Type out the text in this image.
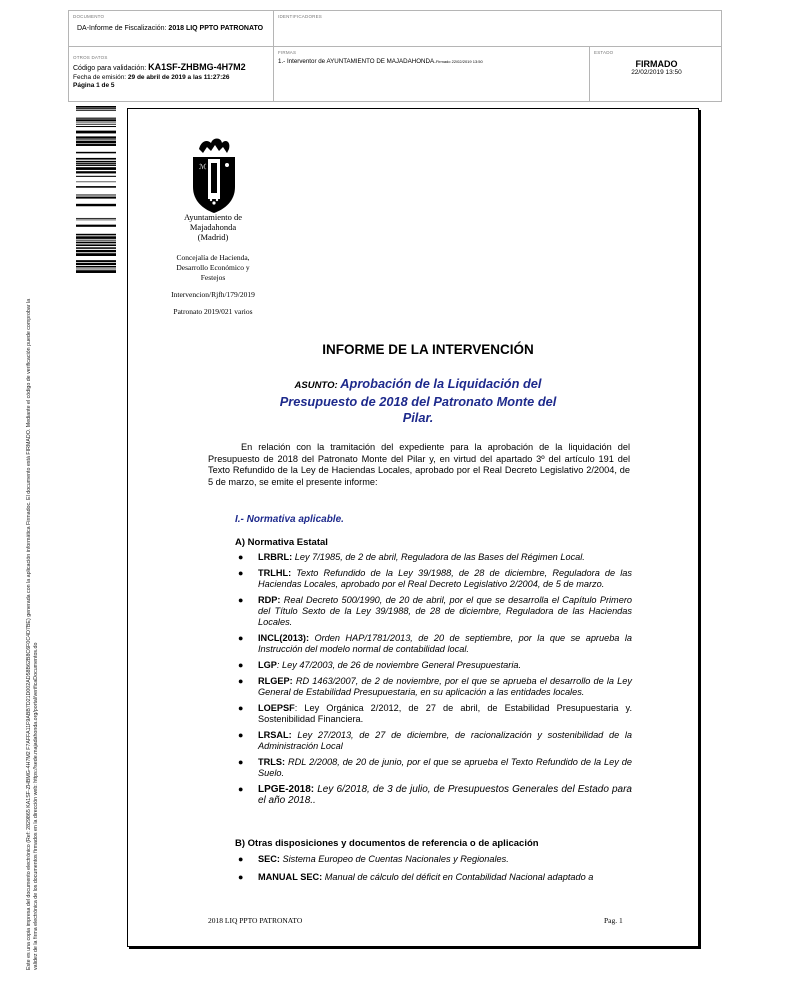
DOCUMENTO
DA-Informe de Fiscalización: 2018 LIQ PPTO PATRONATO
IDENTIFICADORES
OTROS DATOS
Código para validación: KA1SF-ZHBMG-4H7M2
Fecha de emisión: 29 de abril de 2019 a las 11:27:26
Página 1 de 5
FIRMAS
1.- Interventor de AYUNTAMIENTO DE MAJADAHONDA.Firmado 22/02/2019 13:50
ESTADO
FIRMADO
22/02/2019 13:50
Este es una copia impresa del documento electrónico (Ref: 2829865 KA1SF-ZHBMG-4H7M2 F7AFFA11F9ABB7D21D002AD58B62B8C6F0C4D7BE) generada con la aplicación informática Firmadoc. El documento está FIRMADO. Mediante el código de verificación puede comprobar la validez de la firma electrónica de los documentos firmados en la dirección web: https://sede.majadahonda.org/portal/verificaDocumentos.do
ℳ
Ayuntamiento de
Majadahonda
(Madrid)
Concejalía de Hacienda,
Desarrollo Económico y
Festejos
Intervencion/Rjfh/179/2019
Patronato 2019/021 varios
INFORME DE LA INTERVENCIÓN
ASUNTO: Aprobación de la Liquidación del
Presupuesto de 2018 del Patronato Monte del
Pilar.
En relación con la tramitación del expediente para la aprobación de la liquidación del Presupuesto de 2018 del Patronato Monte del Pilar y, en virtud del apartado 3º del artículo 191 del Texto Refundido de la Ley de Haciendas Locales, aprobado por el Real Decreto Legislativo 2/2004, de 5 de marzo, se emite el presente informe:
I.- Normativa aplicable.
A) Normativa Estatal
● LRBRL: Ley 7/1985, de 2 de abril, Reguladora de las Bases del Régimen Local.
● TRLHL: Texto Refundido de la Ley 39/1988, de 28 de diciembre, Reguladora de las Haciendas Locales, aprobado por el Real Decreto Legislativo 2/2004, de 5 de marzo.
● RDP: Real Decreto 500/1990, de 20 de abril, por el que se desarrolla el Capítulo Primero del Título Sexto de la Ley 39/1988, de 28 de diciembre, Reguladora de las Haciendas Locales.
● INCL(2013): Orden HAP/1781/2013, de 20 de septiembre, por la que se aprueba la Instrucción del modelo normal de contabilidad local.
● LGP: Ley 47/2003, de 26 de noviembre General Presupuestaria.
● RLGEP: RD 1463/2007, de 2 de noviembre, por el que se aprueba el desarrollo de la Ley General de Estabilidad Presupuestaria, en su aplicación a las entidades locales.
● LOEPSF: Ley Orgánica 2/2012, de 27 de abril, de Estabilidad Presupuestaria y. Sostenibilidad Financiera.
● LRSAL: Ley 27/2013, de 27 de diciembre, de racionalización y sostenibilidad de la Administración Local
● TRLS: RDL 2/2008, de 20 de junio, por el que se aprueba el Texto Refundido de la Ley de Suelo.
● LPGE-2018: Ley 6/2018, de 3 de julio, de Presupuestos Generales del Estado para el año 2018..
B) Otras disposiciones y documentos de referencia o de aplicación
● SEC: Sistema Europeo de Cuentas Nacionales y Regionales.
● MANUAL SEC: Manual de cálculo del déficit en Contabilidad Nacional adaptado a
2018 LIQ PPTO PATRONATO	Pag. 1
